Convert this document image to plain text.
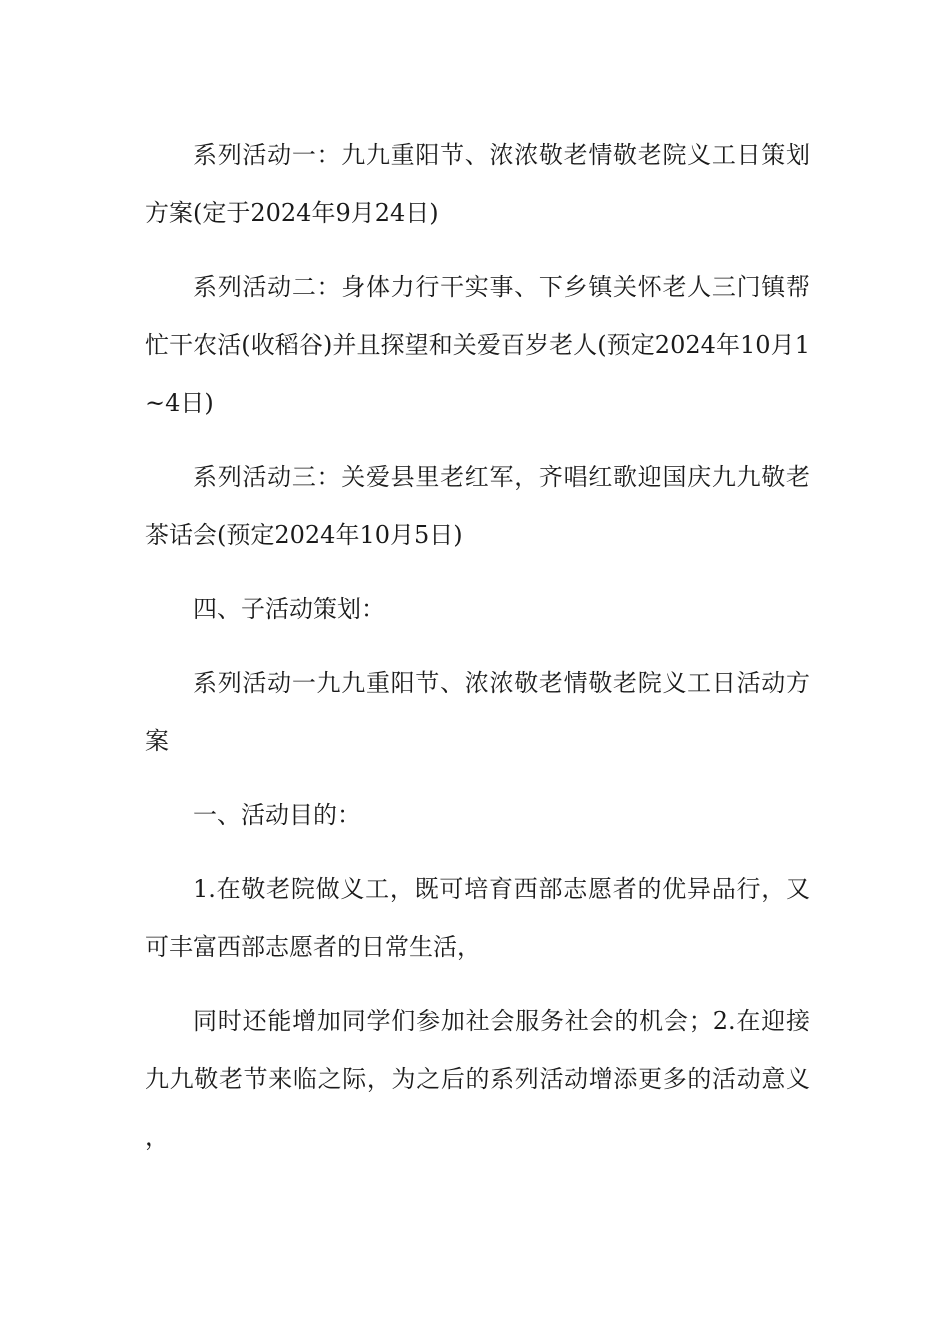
系列活动一：九九重阳节、浓浓敬老情敬老院义工日策划方案(定于2024年9月24日)

系列活动二：身体力行干实事、下乡镇关怀老人三门镇帮忙干农活(收稻谷)并且探望和关爱百岁老人(预定2024年10月1~4日)

系列活动三：关爱县里老红军，齐唱红歌迎国庆九九敬老茶话会(预定2024年10月5日)

四、子活动策划：

系列活动一九九重阳节、浓浓敬老情敬老院义工日活动方案

一、活动目的：

1.在敬老院做义工，既可培育西部志愿者的优异品行，又可丰富西部志愿者的日常生活，

同时还能增加同学们参加社会服务社会的机会；2.在迎接九九敬老节来临之际，为之后的系列活动增添更多的活动意义，
